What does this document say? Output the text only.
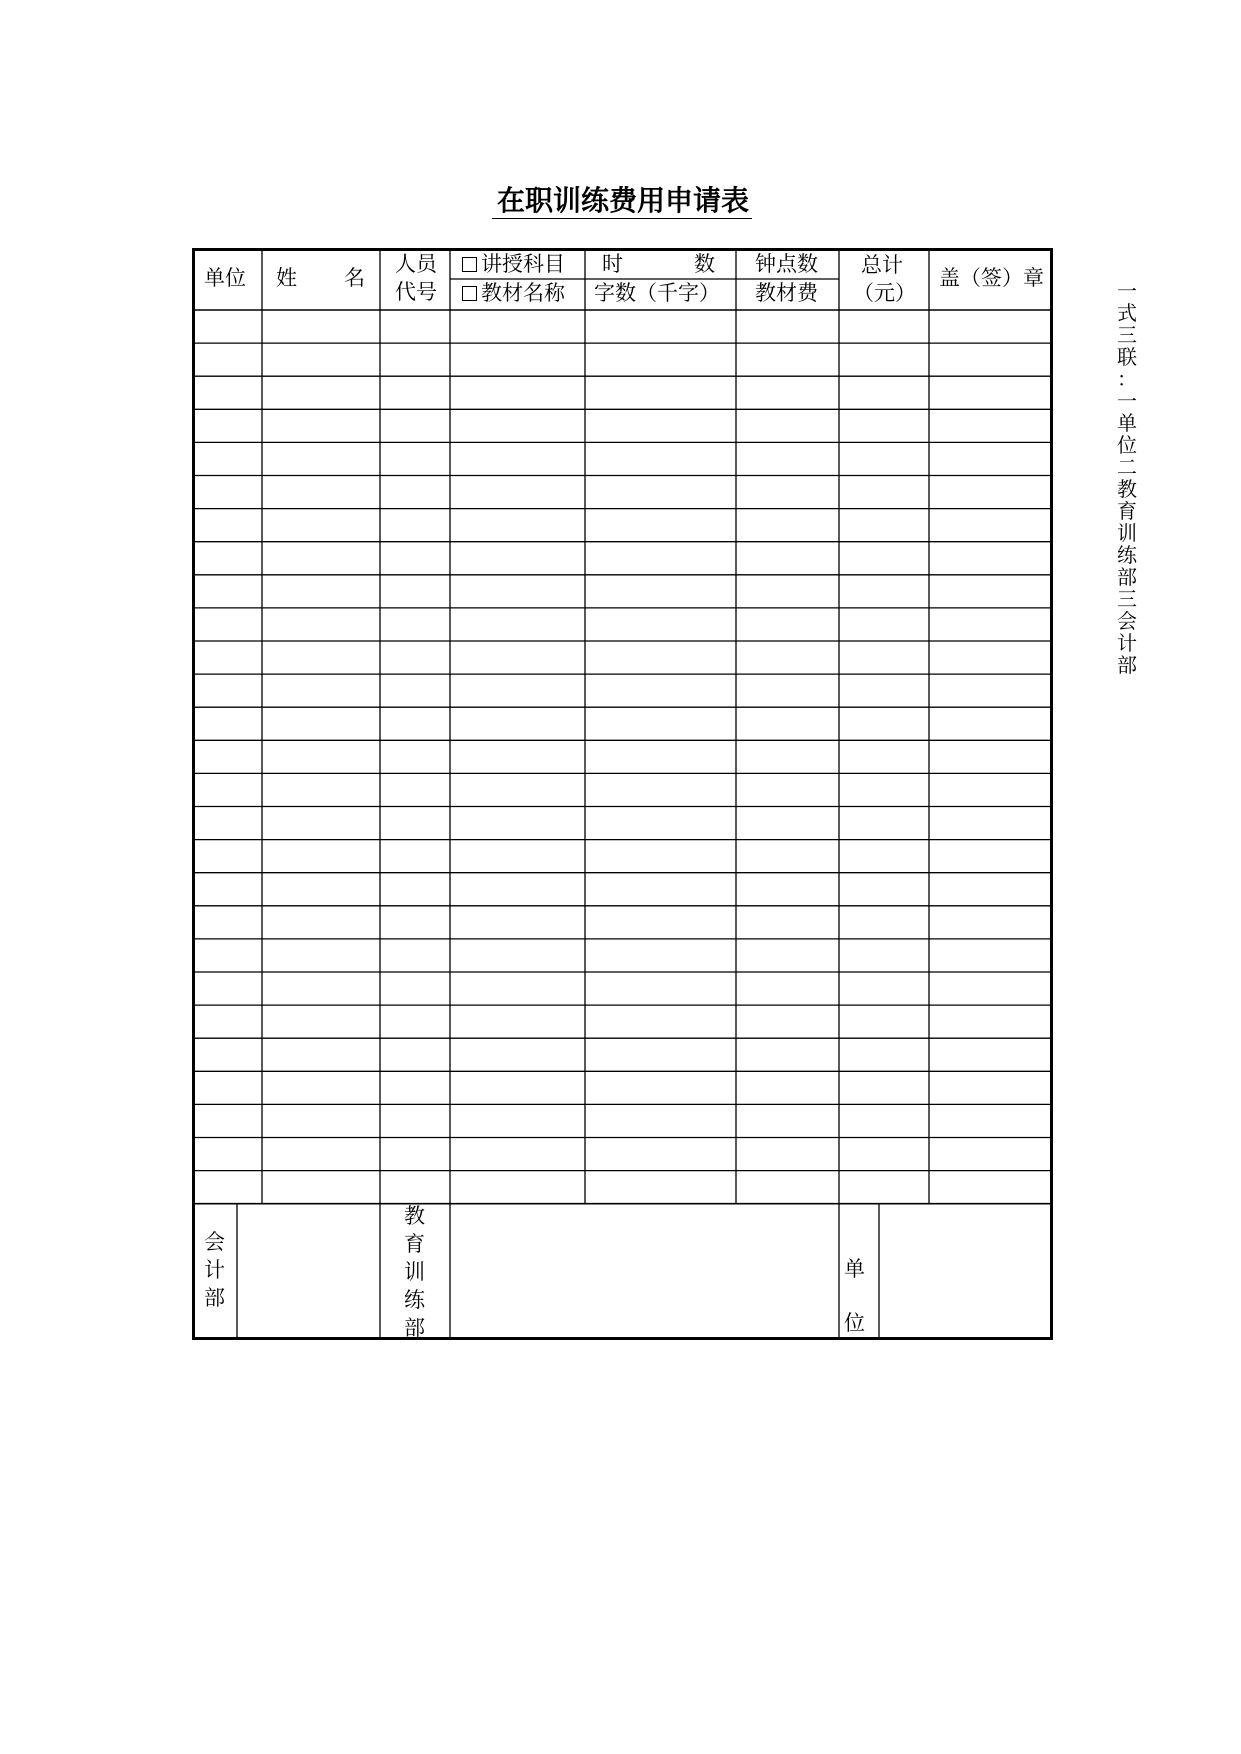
在职训练费用申请表
单位 姓 名
人员
代号
讲授科目
教材名称
时	数
字数（千字）
钟点数
教材费
总计
（元）
盖（签）章
会
计
部
教
育
训
练
部
单
位
一
式
三
联
：
一
单
位
二
教
育
训
练
部
三
会
计
部
